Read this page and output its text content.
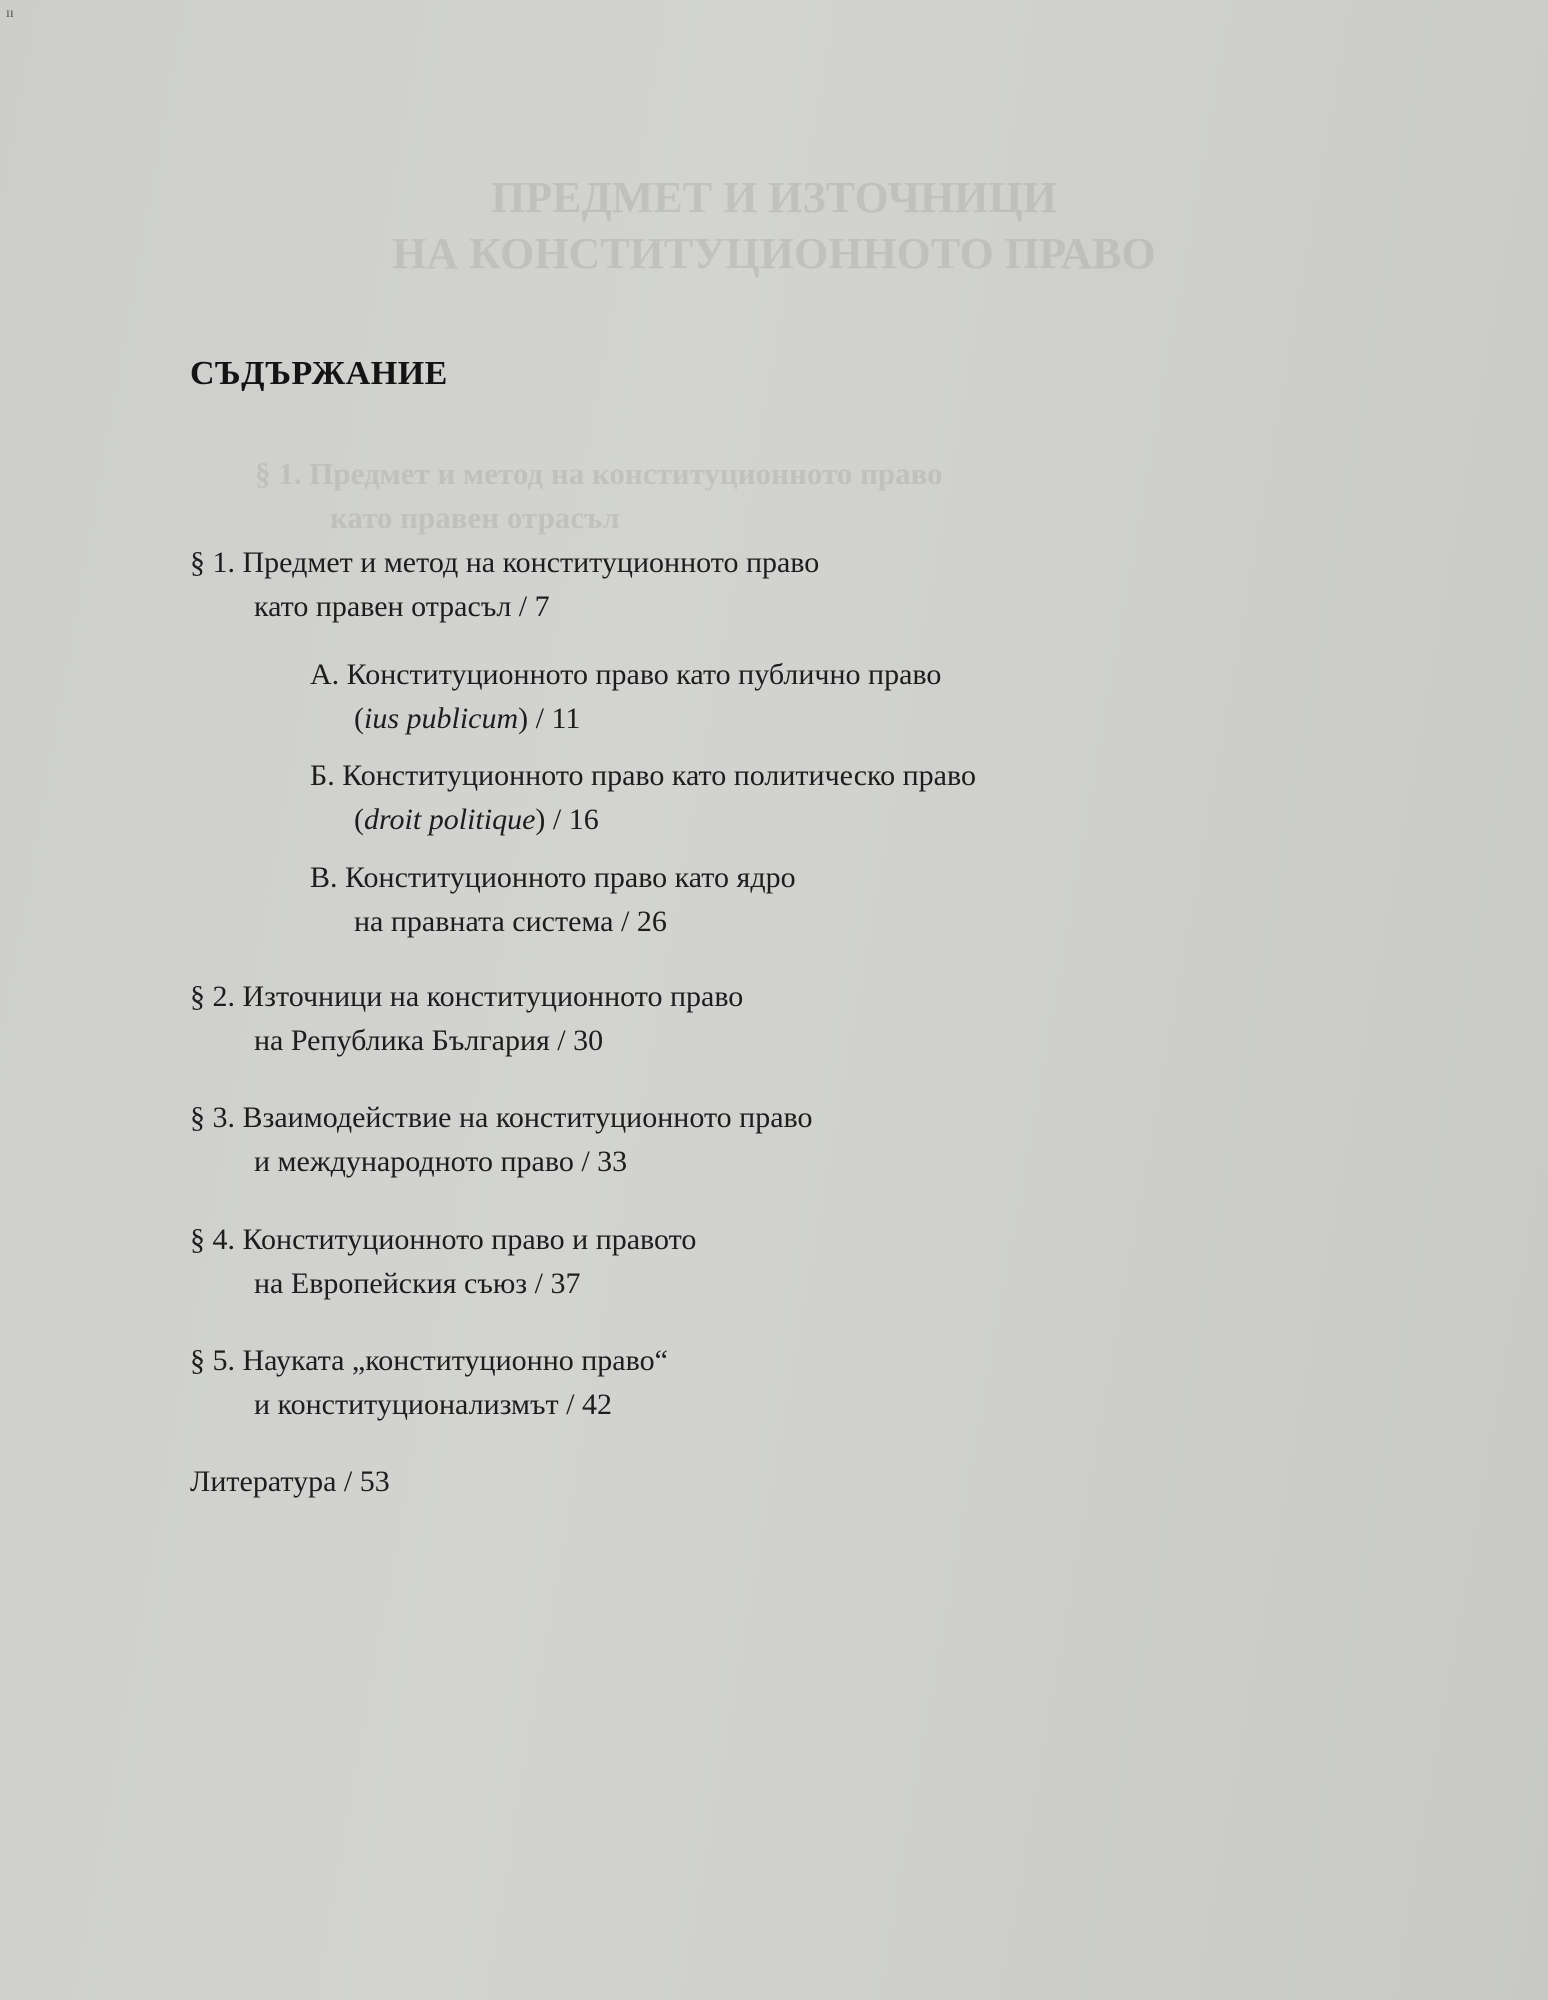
ıı
ПРЕДМЕТ И ИЗТОЧНИЦИ
НА КОНСТИТУЦИОННОТО ПРАВО
§ 1. Предмет и метод на конституционното право
като правен отрасъл
СЪДЪРЖАНИЕ
§ 1. Предмет и метод на конституционното право
като правен отрасъл / 7
А. Конституционното право като публично право
(ius publicum) / 11
Б. Конституционното право като политическо право
(droit politique) / 16
В. Конституционното право като ядро
на правната система / 26
§ 2. Източници на конституционното право
на Република България / 30
§ 3. Взаимодействие на конституционното право
и международното право / 33
§ 4. Конституционното право и правото
на Европейския съюз / 37
§ 5. Науката „конституционно право“
и конституционализмът / 42
Литература / 53
